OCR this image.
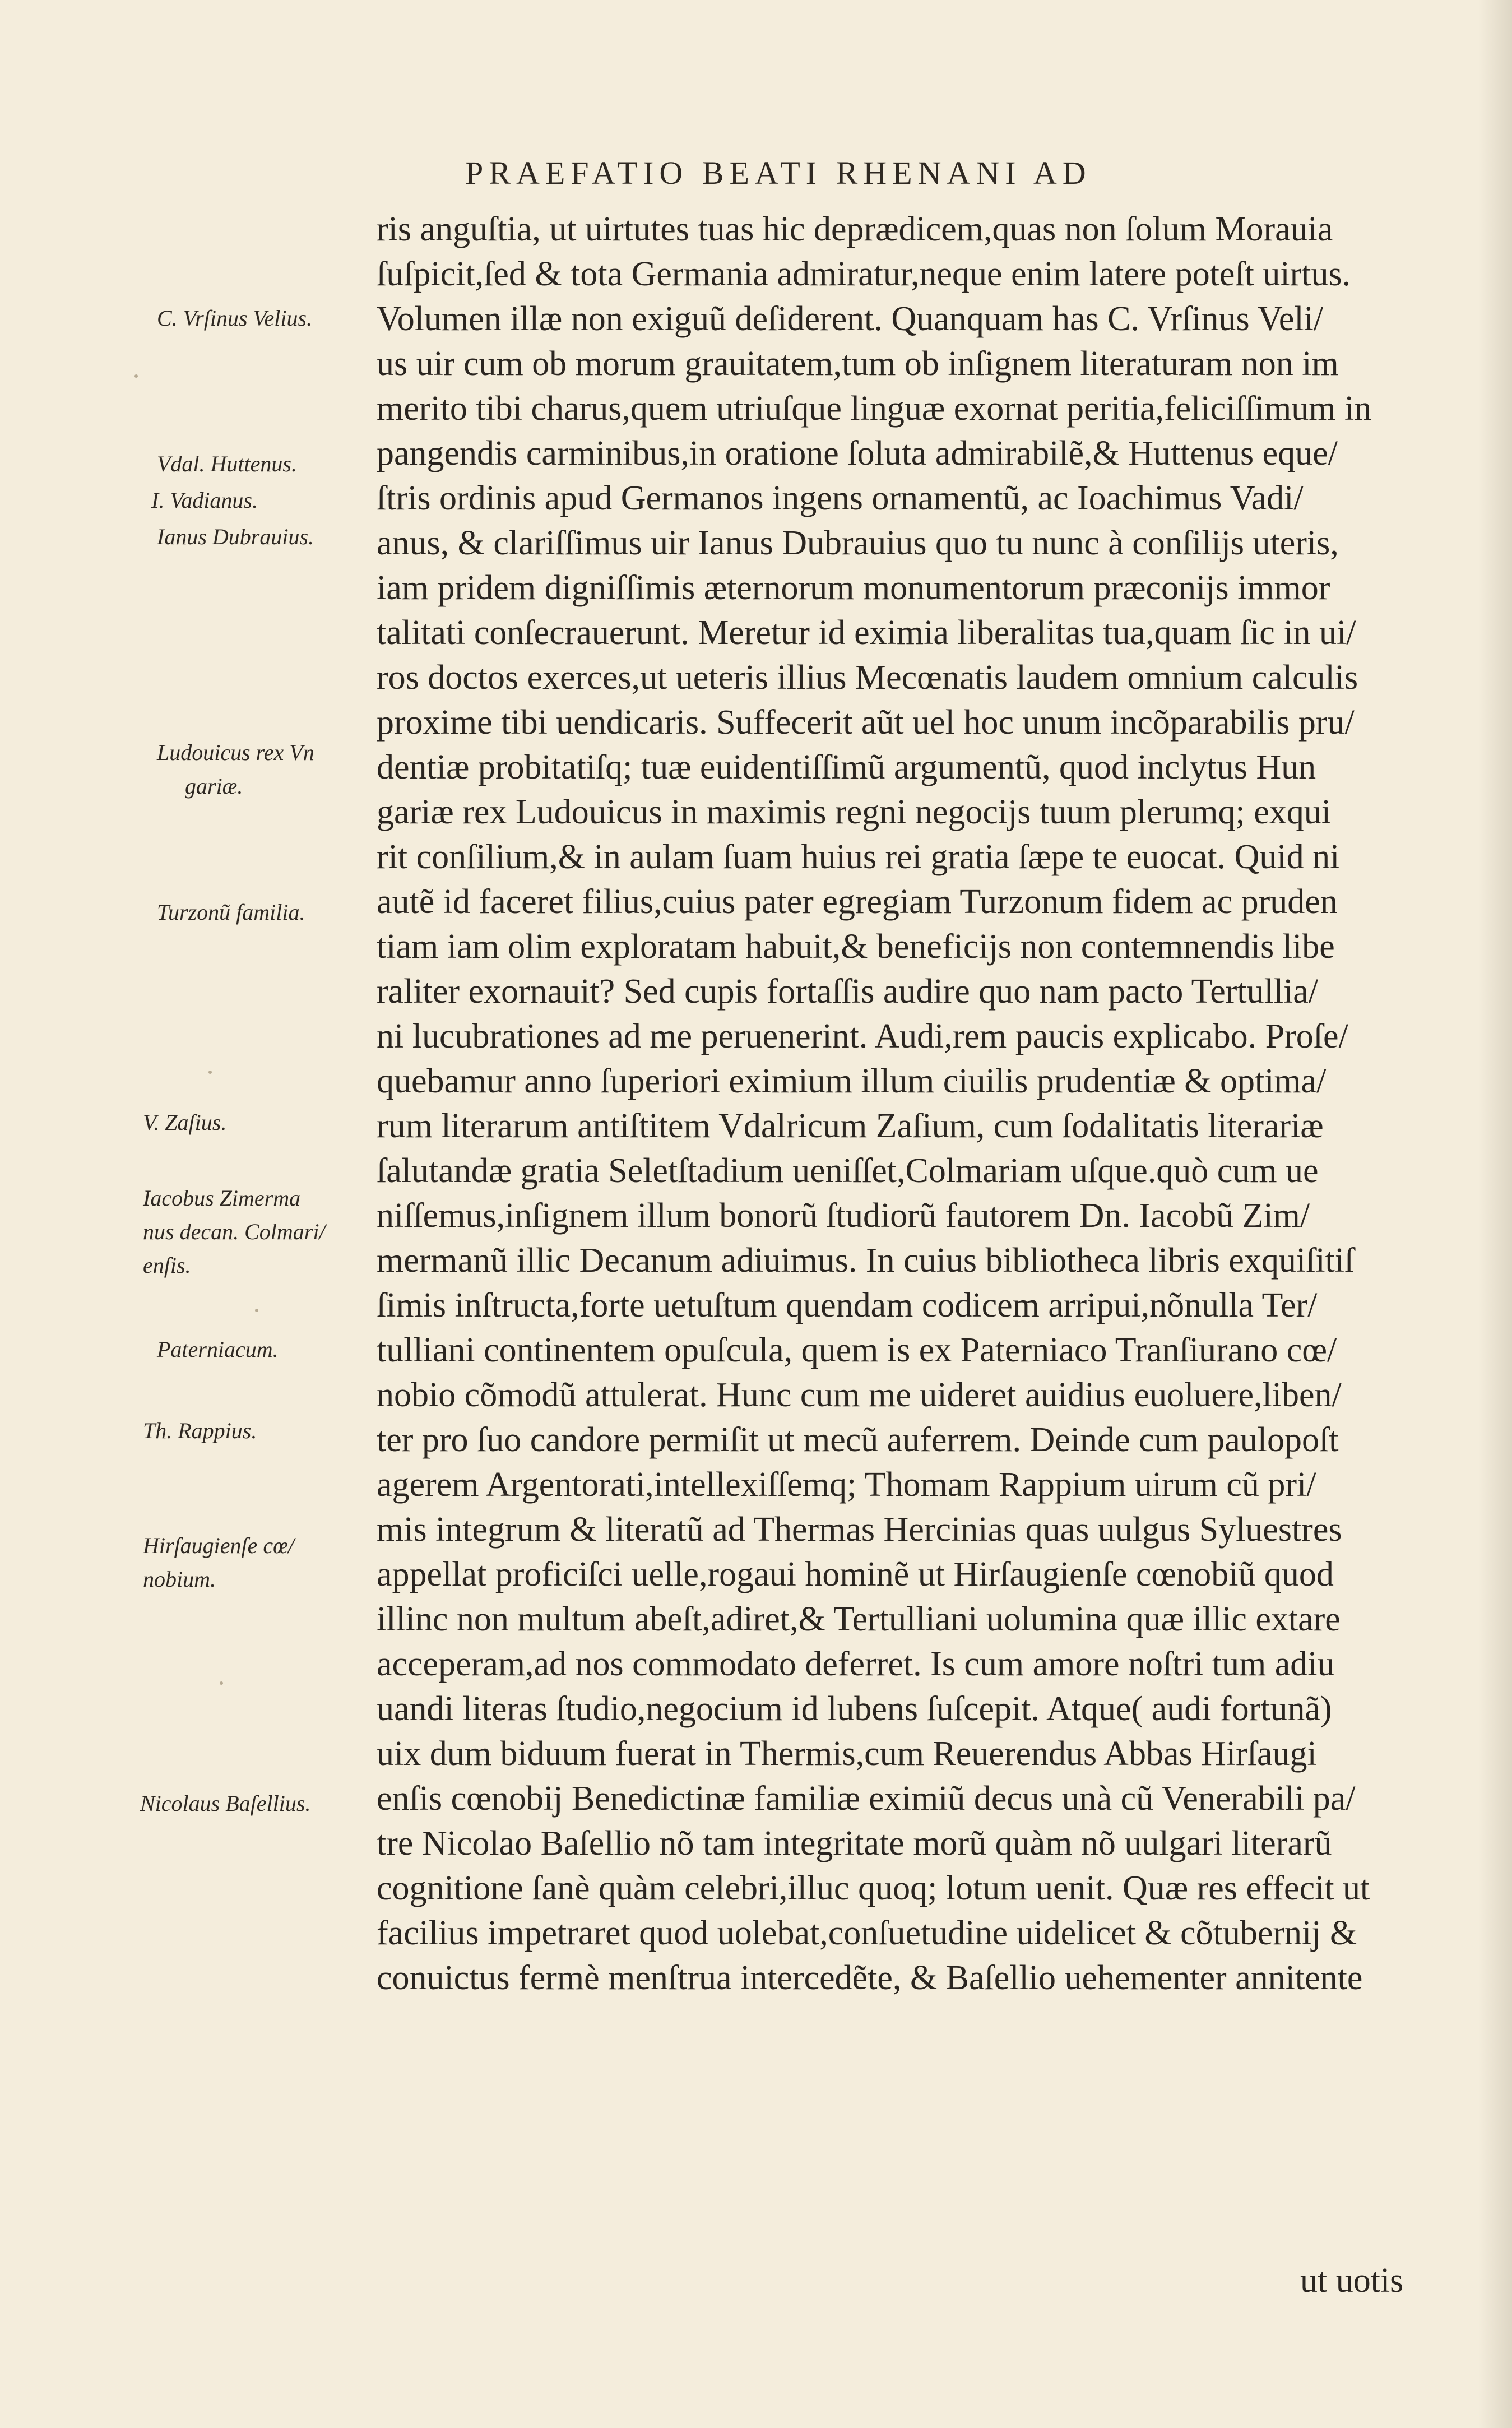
PRAEFATIO BEATI RHENANI AD
ris anguſtia, ut uirtutes tuas hic deprædicem,quas non ſolum Morauia
ſuſpicit,ſed & tota Germania admiratur,neque enim latere poteſt uirtus.
Volumen illæ non exiguũ deſiderent. Quanquam has C. Vrſinus Veli/
us uir cum ob morum grauitatem,tum ob inſignem literaturam non im
merito tibi charus,quem utriuſque linguæ exornat peritia,feliciſſimum in
pangendis carminibus,in oratione ſoluta admirabilẽ,& Huttenus eque/
ſtris ordinis apud Germanos ingens ornamentũ, ac Ioachimus Vadi/
anus, & clariſſimus uir Ianus Dubrauius quo tu nunc à conſilijs uteris,
iam pridem digniſſimis æternorum monumentorum præconijs immor
talitati conſecrauerunt. Meretur id eximia liberalitas tua,quam ſic in ui/
ros doctos exerces,ut ueteris illius Mecœnatis laudem omnium calculis
proxime tibi uendicaris. Suffecerit aũt uel hoc unum incõparabilis pru/
dentiæ probitatiſq; tuæ euidentiſſimũ argumentũ, quod inclytus Hun
gariæ rex Ludouicus in maximis regni negocijs tuum plerumq; exqui
rit conſilium,& in aulam ſuam huius rei gratia ſæpe te euocat. Quid ni
autẽ id faceret filius,cuius pater egregiam Turzonum fidem ac pruden
tiam iam olim exploratam habuit,& beneficijs non contemnendis libe
raliter exornauit? Sed cupis fortaſſis audire quo nam pacto Tertullia/
ni lucubrationes ad me peruenerint. Audi,rem paucis explicabo. Proſe/
quebamur anno ſuperiori eximium illum ciuilis prudentiæ & optima/
rum literarum antiſtitem Vdalricum Zaſium, cum ſodalitatis literariæ
ſalutandæ gratia Seletſtadium ueniſſet,Colmariam uſque.quò cum ue
niſſemus,inſignem illum bonorũ ſtudiorũ fautorem Dn. Iacobũ Zim/
mermanũ illic Decanum adiuimus. In cuius bibliotheca libris exquiſitiſ
ſimis inſtructa,forte uetuſtum quendam codicem arripui,nõnulla Ter/
tulliani continentem opuſcula, quem is ex Paterniaco Tranſiurano cœ/
nobio cõmodũ attulerat. Hunc cum me uideret auidius euoluere,liben/
ter pro ſuo candore permiſit ut mecũ auferrem. Deinde cum paulopoſt
agerem Argentorati,intellexiſſemq; Thomam Rappium uirum cũ pri/
mis integrum & literatũ ad Thermas Hercinias quas uulgus Syluestres
appellat proficiſci uelle,rogaui hominẽ ut Hirſaugienſe cœnobiũ quod
illinc non multum abeſt,adiret,& Tertulliani uolumina quæ illic extare
acceperam,ad nos commodato deferret. Is cum amore noſtri tum adiu
uandi literas ſtudio,negocium id lubens ſuſcepit. Atque( audi fortunã)
uix dum biduum fuerat in Thermis,cum Reuerendus Abbas Hirſaugi
enſis cœnobij Benedictinæ familiæ eximiũ decus unà cũ Venerabili pa/
tre Nicolao Baſellio nõ tam integritate morũ quàm nõ uulgari literarũ
cognitione ſanè quàm celebri,illuc quoq; lotum uenit. Quæ res effecit ut
facilius impetraret quod uolebat,conſuetudine uidelicet & cõtubernij &
conuictus fermè menſtrua intercedẽte, & Baſellio uehementer annitente
ut uotis
C. Vrſinus Velius.
Vdal. Huttenus.
I. Vadianus.
Ianus Dubrauius.
Ludouicus rex Vn
gariæ.
Turzonũ familia.
V. Zaſius.
Iacobus Zimerma
nus decan. Colmari/
enſis.
Paterniacum.
Th. Rappius.
Hirſaugienſe cœ/
nobium.
Nicolaus Baſellius.
